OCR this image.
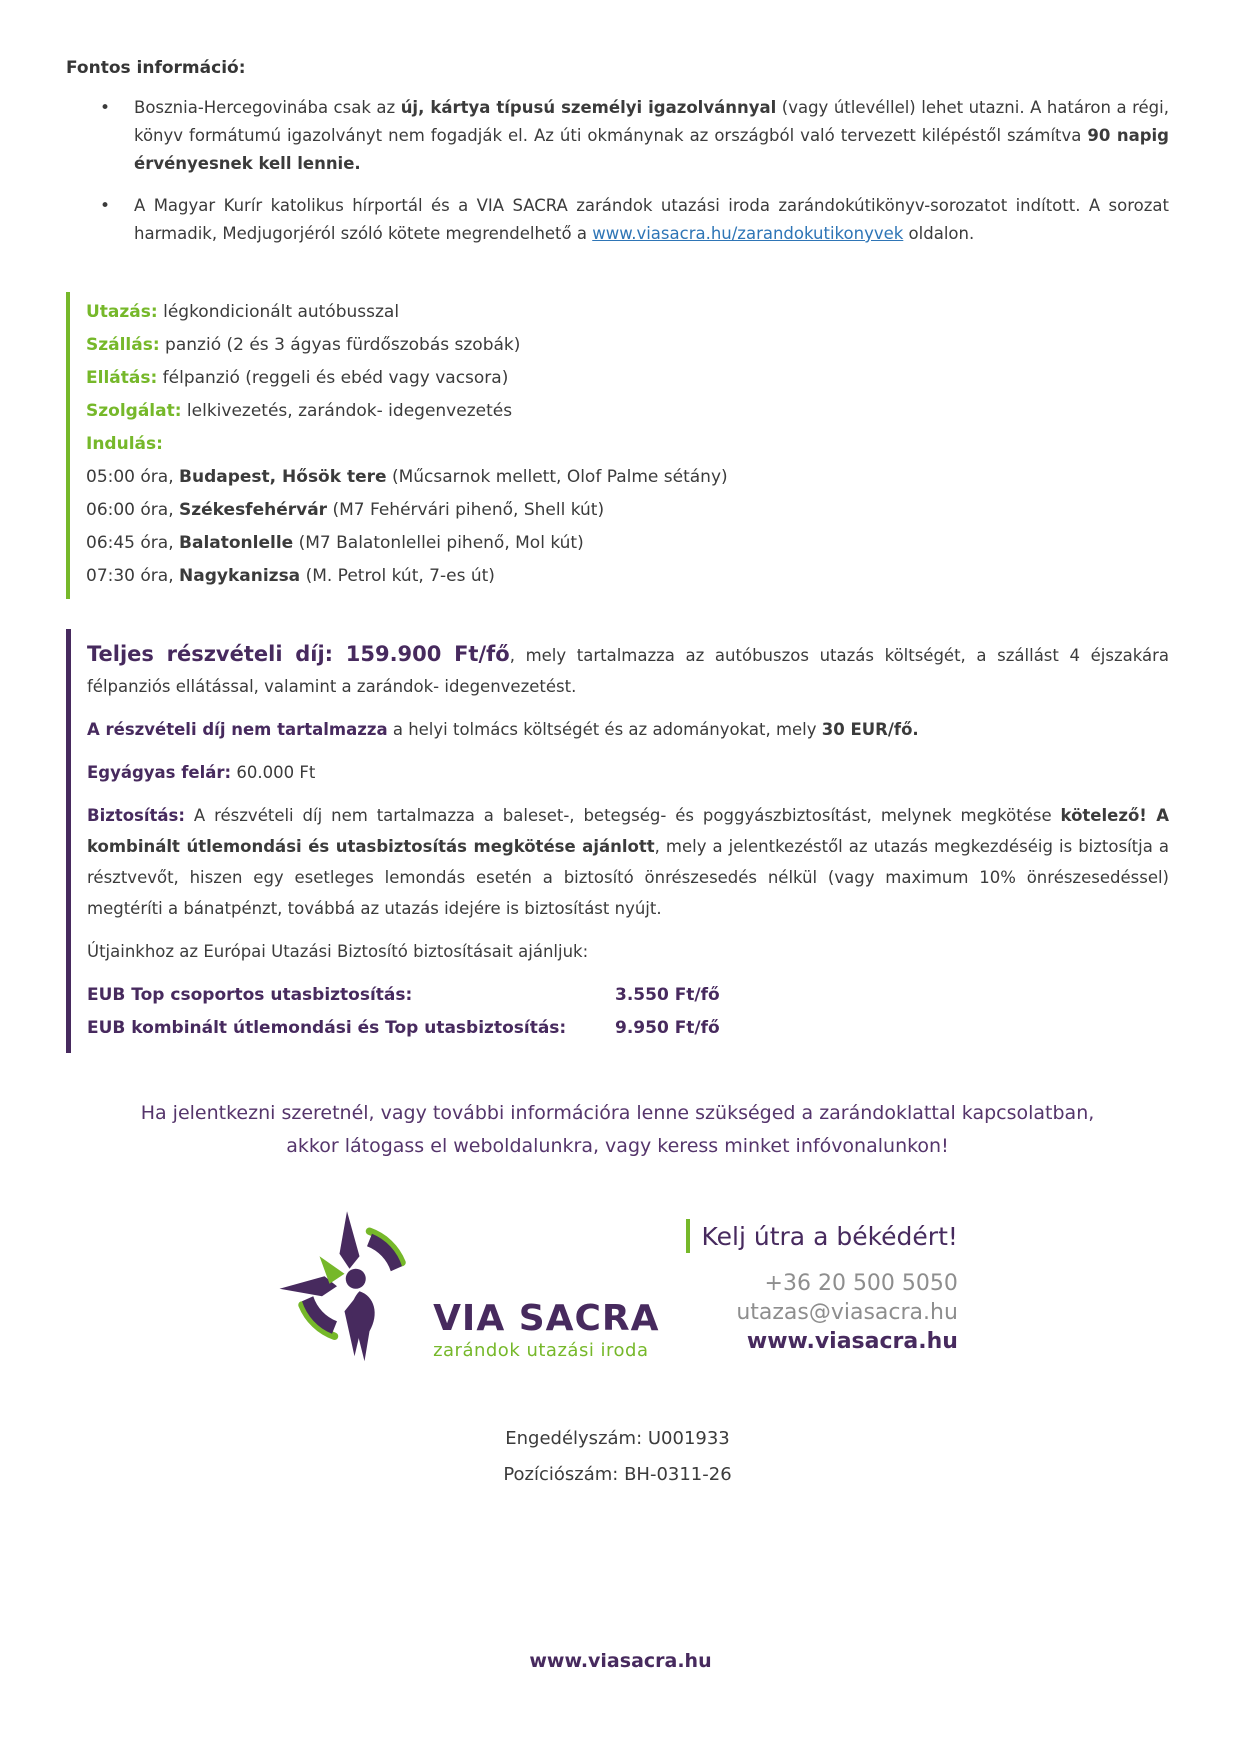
Fontos információ:
•	Bosznia-Hercegovinába csak az új, kártya típusú személyi igazolvánnyal (vagy útlevéllel) lehet utazni. A határon a régi, könyv formátumú igazolványt nem fogadják el. Az úti okmánynak az országból való tervezett kilépéstől számítva 90 napig érvényesnek kell lennie.
•	A Magyar Kurír katolikus hírportál és a VIA SACRA zarándok utazási iroda zarándokútikönyv-sorozatot indított. A sorozat harmadik, Medjugorjéról szóló kötete megrendelhető a www.viasacra.hu/zarandokutikonyvek oldalon.
Utazás: légkondicionált autóbusszal
Szállás: panzió (2 és 3 ágyas fürdőszobás szobák)
Ellátás: félpanzió (reggeli és ebéd vagy vacsora)
Szolgálat: lelkivezetés, zarándok- idegenvezetés
Indulás:
05:00 óra, Budapest, Hősök tere (Műcsarnok mellett, Olof Palme sétány)
06:00 óra, Székesfehérvár (M7 Fehérvári pihenő, Shell kút)
06:45 óra, Balatonlelle (M7 Balatonlellei pihenő, Mol kút)
07:30 óra, Nagykanizsa (M. Petrol kút, 7-es út)

Teljes részvételi díj: 159.900 Ft/fő, mely tartalmazza az autóbuszos utazás költségét, a szállást 4 éjszakára félpanziós ellátással, valamint a zarándok- idegenvezetést.

A részvételi díj nem tartalmazza a helyi tolmács költségét és az adományokat, mely 30 EUR/fő.

Egyágyas felár: 60.000 Ft

Biztosítás: A részvételi díj nem tartalmazza a baleset-, betegség- és poggyászbiztosítást, melynek megkötése kötelező! A kombinált útlemondási és utasbiztosítás megkötése ajánlott, mely a jelentkezéstől az utazás megkezdéséig is biztosítja a résztvevőt, hiszen egy esetleges lemondás esetén a biztosító önrészesedés nélkül (vagy maximum 10% önrészesedéssel) megtéríti a bánatpénzt, továbbá az utazás idejére is biztosítást nyújt.

Útjainkhoz az Európai Utazási Biztosító biztosításait ajánljuk:

EUB Top csoportos utasbiztosítás:	3.550 Ft/fő
EUB kombinált útlemondási és Top utasbiztosítás:	9.950 Ft/fő
Ha jelentkezni szeretnél, vagy további információra lenne szükséged a zarándoklattal kapcsolatban,
akkor látogass el weboldalunkra, vagy keress minket infóvonalunkon!
VIA SACRA
zarándok utazási iroda
Kelj útra a békédért!
+36 20 500 5050
utazas@viasacra.hu
www.viasacra.hu
Engedélyszám: U001933
Pozíciószám: BH-0311-26
www.viasacra.hu
